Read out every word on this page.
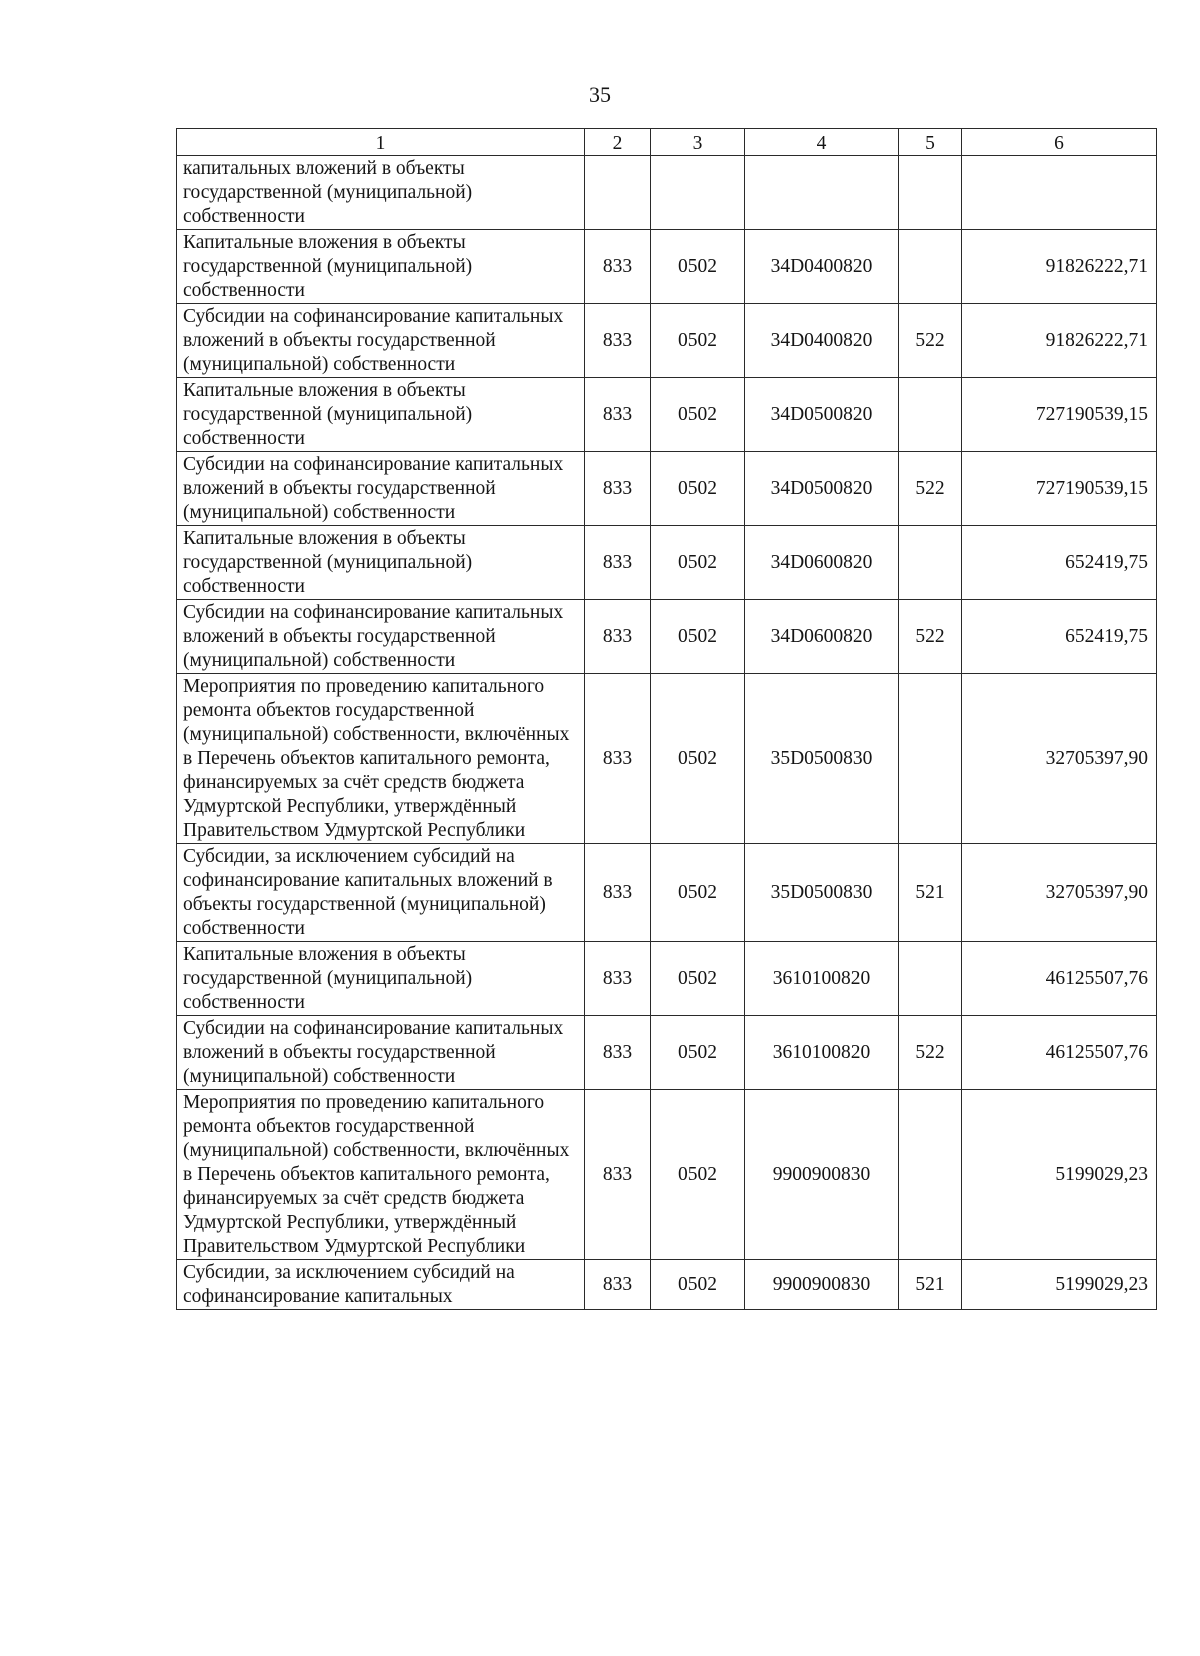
35
1	2	3	4	5	6
капитальных вложений в объекты государственной (муниципальной) собственности					
Капитальные вложения в объекты государственной (муниципальной) собственности	833	0502	34D0400820		91826222,71
Субсидии на софинансирование капитальных вложений в объекты государственной (муниципальной) собственности	833	0502	34D0400820	522	91826222,71
Капитальные вложения в объекты государственной (муниципальной) собственности	833	0502	34D0500820		727190539,15
Субсидии на софинансирование капитальных вложений в объекты государственной (муниципальной) собственности	833	0502	34D0500820	522	727190539,15
Капитальные вложения в объекты государственной (муниципальной) собственности	833	0502	34D0600820		652419,75
Субсидии на софинансирование капитальных вложений в объекты государственной (муниципальной) собственности	833	0502	34D0600820	522	652419,75
Мероприятия по проведению капитального ремонта объектов государственной (муниципальной) собственности, включённых в Перечень объектов капитального ремонта, финансируемых за счёт средств бюджета Удмуртской Республики, утверждённый Правительством Удмуртской Республики	833	0502	35D0500830		32705397,90
Субсидии, за исключением субсидий на софинансирование капитальных вложений в объекты государственной (муниципальной) собственности	833	0502	35D0500830	521	32705397,90
Капитальные вложения в объекты государственной (муниципальной) собственности	833	0502	3610100820		46125507,76
Субсидии на софинансирование капитальных вложений в объекты государственной (муниципальной) собственности	833	0502	3610100820	522	46125507,76
Мероприятия по проведению капитального ремонта объектов государственной (муниципальной) собственности, включённых в Перечень объектов капитального ремонта, финансируемых за счёт средств бюджета Удмуртской Республики, утверждённый Правительством Удмуртской Республики	833	0502	9900900830		5199029,23
Субсидии, за исключением субсидий на софинансирование капитальных	833	0502	9900900830	521	5199029,23
